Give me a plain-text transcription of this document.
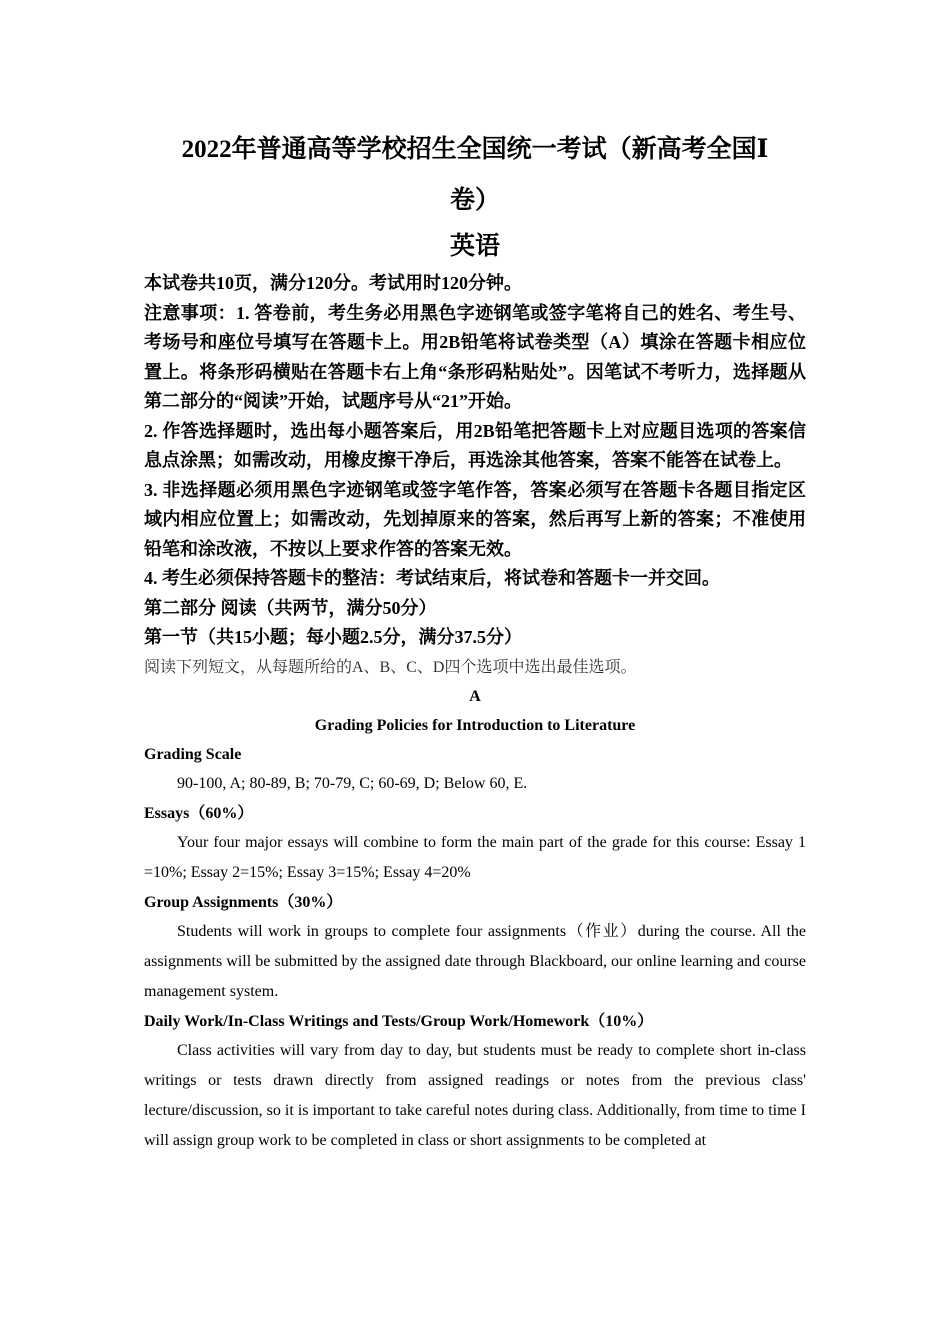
2022年普通高等学校招生全国统一考试（新高考全国Ⅰ
卷）
英语

本试卷共10页，满分120分。考试用时120分钟。

注意事项：1. 答卷前，考生务必用黑色字迹钢笔或签字笔将自己的姓名、考生号、考场号和座位号填写在答题卡上。用2B铅笔将试卷类型（A）填涂在答题卡相应位置上。将条形码横贴在答题卡右上角“条形码粘贴处”。因笔试不考听力，选择题从第二部分的“阅读”开始，试题序号从“21”开始。

2. 作答选择题时，选出每小题答案后，用2B铅笔把答题卡上对应题目选项的答案信息点涂黑；如需改动，用橡皮擦干净后，再选涂其他答案，答案不能答在试卷上。

3. 非选择题必须用黑色字迹钢笔或签字笔作答，答案必须写在答题卡各题目指定区域内相应位置上；如需改动，先划掉原来的答案，然后再写上新的答案；不准使用铅笔和涂改液，不按以上要求作答的答案无效。

4. 考生必须保持答题卡的整洁：考试结束后，将试卷和答题卡一并交回。

第二部分 阅读（共两节，满分50分）

第一节（共15小题；每小题2.5分，满分37.5分）

阅读下列短文，从每题所给的A、B、C、D四个选项中选出最佳选项。

A

Grading Policies for Introduction to Literature

Grading Scale

90-100, A; 80-89, B; 70-79, C; 60-69, D; Below 60, E.

Essays（60%）

Your four major essays will combine to form the main part of the grade for this course: Essay 1 =10%; Essay 2=15%; Essay 3=15%; Essay 4=20%

Group Assignments（30%）

Students will work in groups to complete four assignments（作业）during the course. All the assignments will be submitted by the assigned date through Blackboard, our online learning and course management system.

Daily Work/In-Class Writings and Tests/Group Work/Homework（10%）

Class activities will vary from day to day, but students must be ready to complete short in-class writings or tests drawn directly from assigned readings or notes from the previous class' lecture/discussion, so it is important to take careful notes during class. Additionally, from time to time I will assign group work to be completed in class or short assignments to be completed at
